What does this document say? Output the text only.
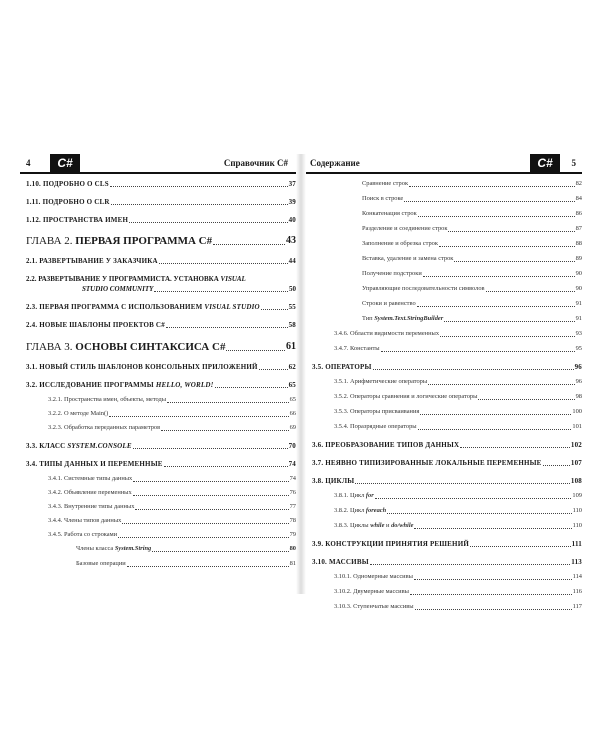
4	C#	Справочник C#
1.10. ПОДРОБНО О CLS	37
1.11. ПОДРОБНО О CLR	39
1.12. ПРОСТРАНСТВА ИМЕН	40
ГЛАВА 2. ПЕРВАЯ ПРОГРАММА C#	43
2.1. РАЗВЕРТЫВАНИЕ У ЗАКАЗЧИКА	44
2.2. РАЗВЕРТЫВАНИЕ У ПРОГРАММИСТА. УСТАНОВКА VISUAL
STUDIO COMMUNITY	50
2.3. ПЕРВАЯ ПРОГРАММА С ИСПОЛЬЗОВАНИЕМ VISUAL STUDIO	55
2.4. НОВЫЕ ШАБЛОНЫ ПРОЕКТОВ C#	58
ГЛАВА 3. ОСНОВЫ СИНТАКСИСА C#	61
3.1. НОВЫЙ СТИЛЬ ШАБЛОНОВ КОНСОЛЬНЫХ ПРИЛОЖЕНИЙ	62
3.2. ИССЛЕДОВАНИЕ ПРОГРАММЫ HELLO, WORLD!	65
3.2.1. Пространства имен, объекты, методы	65
3.2.2. О методе Main()	66
3.2.3. Обработка переданных параметров	69
3.3. КЛАСС SYSTEM.CONSOLE	70
3.4. ТИПЫ ДАННЫХ И ПЕРЕМЕННЫЕ	74
3.4.1. Системные типы данных	74
3.4.2. Объявление переменных	76
3.4.3. Внутренние типы данных	77
3.4.4. Члены типов данных	78
3.4.5. Работа со строками	79
Члены класса System.String	80
Базовые операции	81
Содержание	C#	5
Сравнение строк	82
Поиск в строке	84
Конкатенация строк	86
Разделение и соединение строк	87
Заполнение и обрезка строк	88
Вставка, удаление и замена строк	89
Получение подстроки	90
Управляющие последовательности символов	90
Строки и равенство	91
Тип System.Text.StringBuilder	91
3.4.6. Области видимости переменных	93
3.4.7. Константы	95
3.5. ОПЕРАТОРЫ	96
3.5.1. Арифметические операторы	96
3.5.2. Операторы сравнения и логические операторы	98
3.5.3. Операторы присваивания	100
3.5.4. Поразрядные операторы	101
3.6. ПРЕОБРАЗОВАНИЕ ТИПОВ ДАННЫХ	102
3.7. НЕЯВНО ТИПИЗИРОВАННЫЕ ЛОКАЛЬНЫЕ ПЕРЕМЕННЫЕ	107
3.8. ЦИКЛЫ	108
3.8.1. Цикл for	109
3.8.2. Цикл foreach	110
3.8.3. Циклы while и do/while	110
3.9. КОНСТРУКЦИИ ПРИНЯТИЯ РЕШЕНИЙ	111
3.10. МАССИВЫ	113
3.10.1. Одномерные массивы	114
3.10.2. Двумерные массивы	116
3.10.3. Ступенчатые массивы	117
